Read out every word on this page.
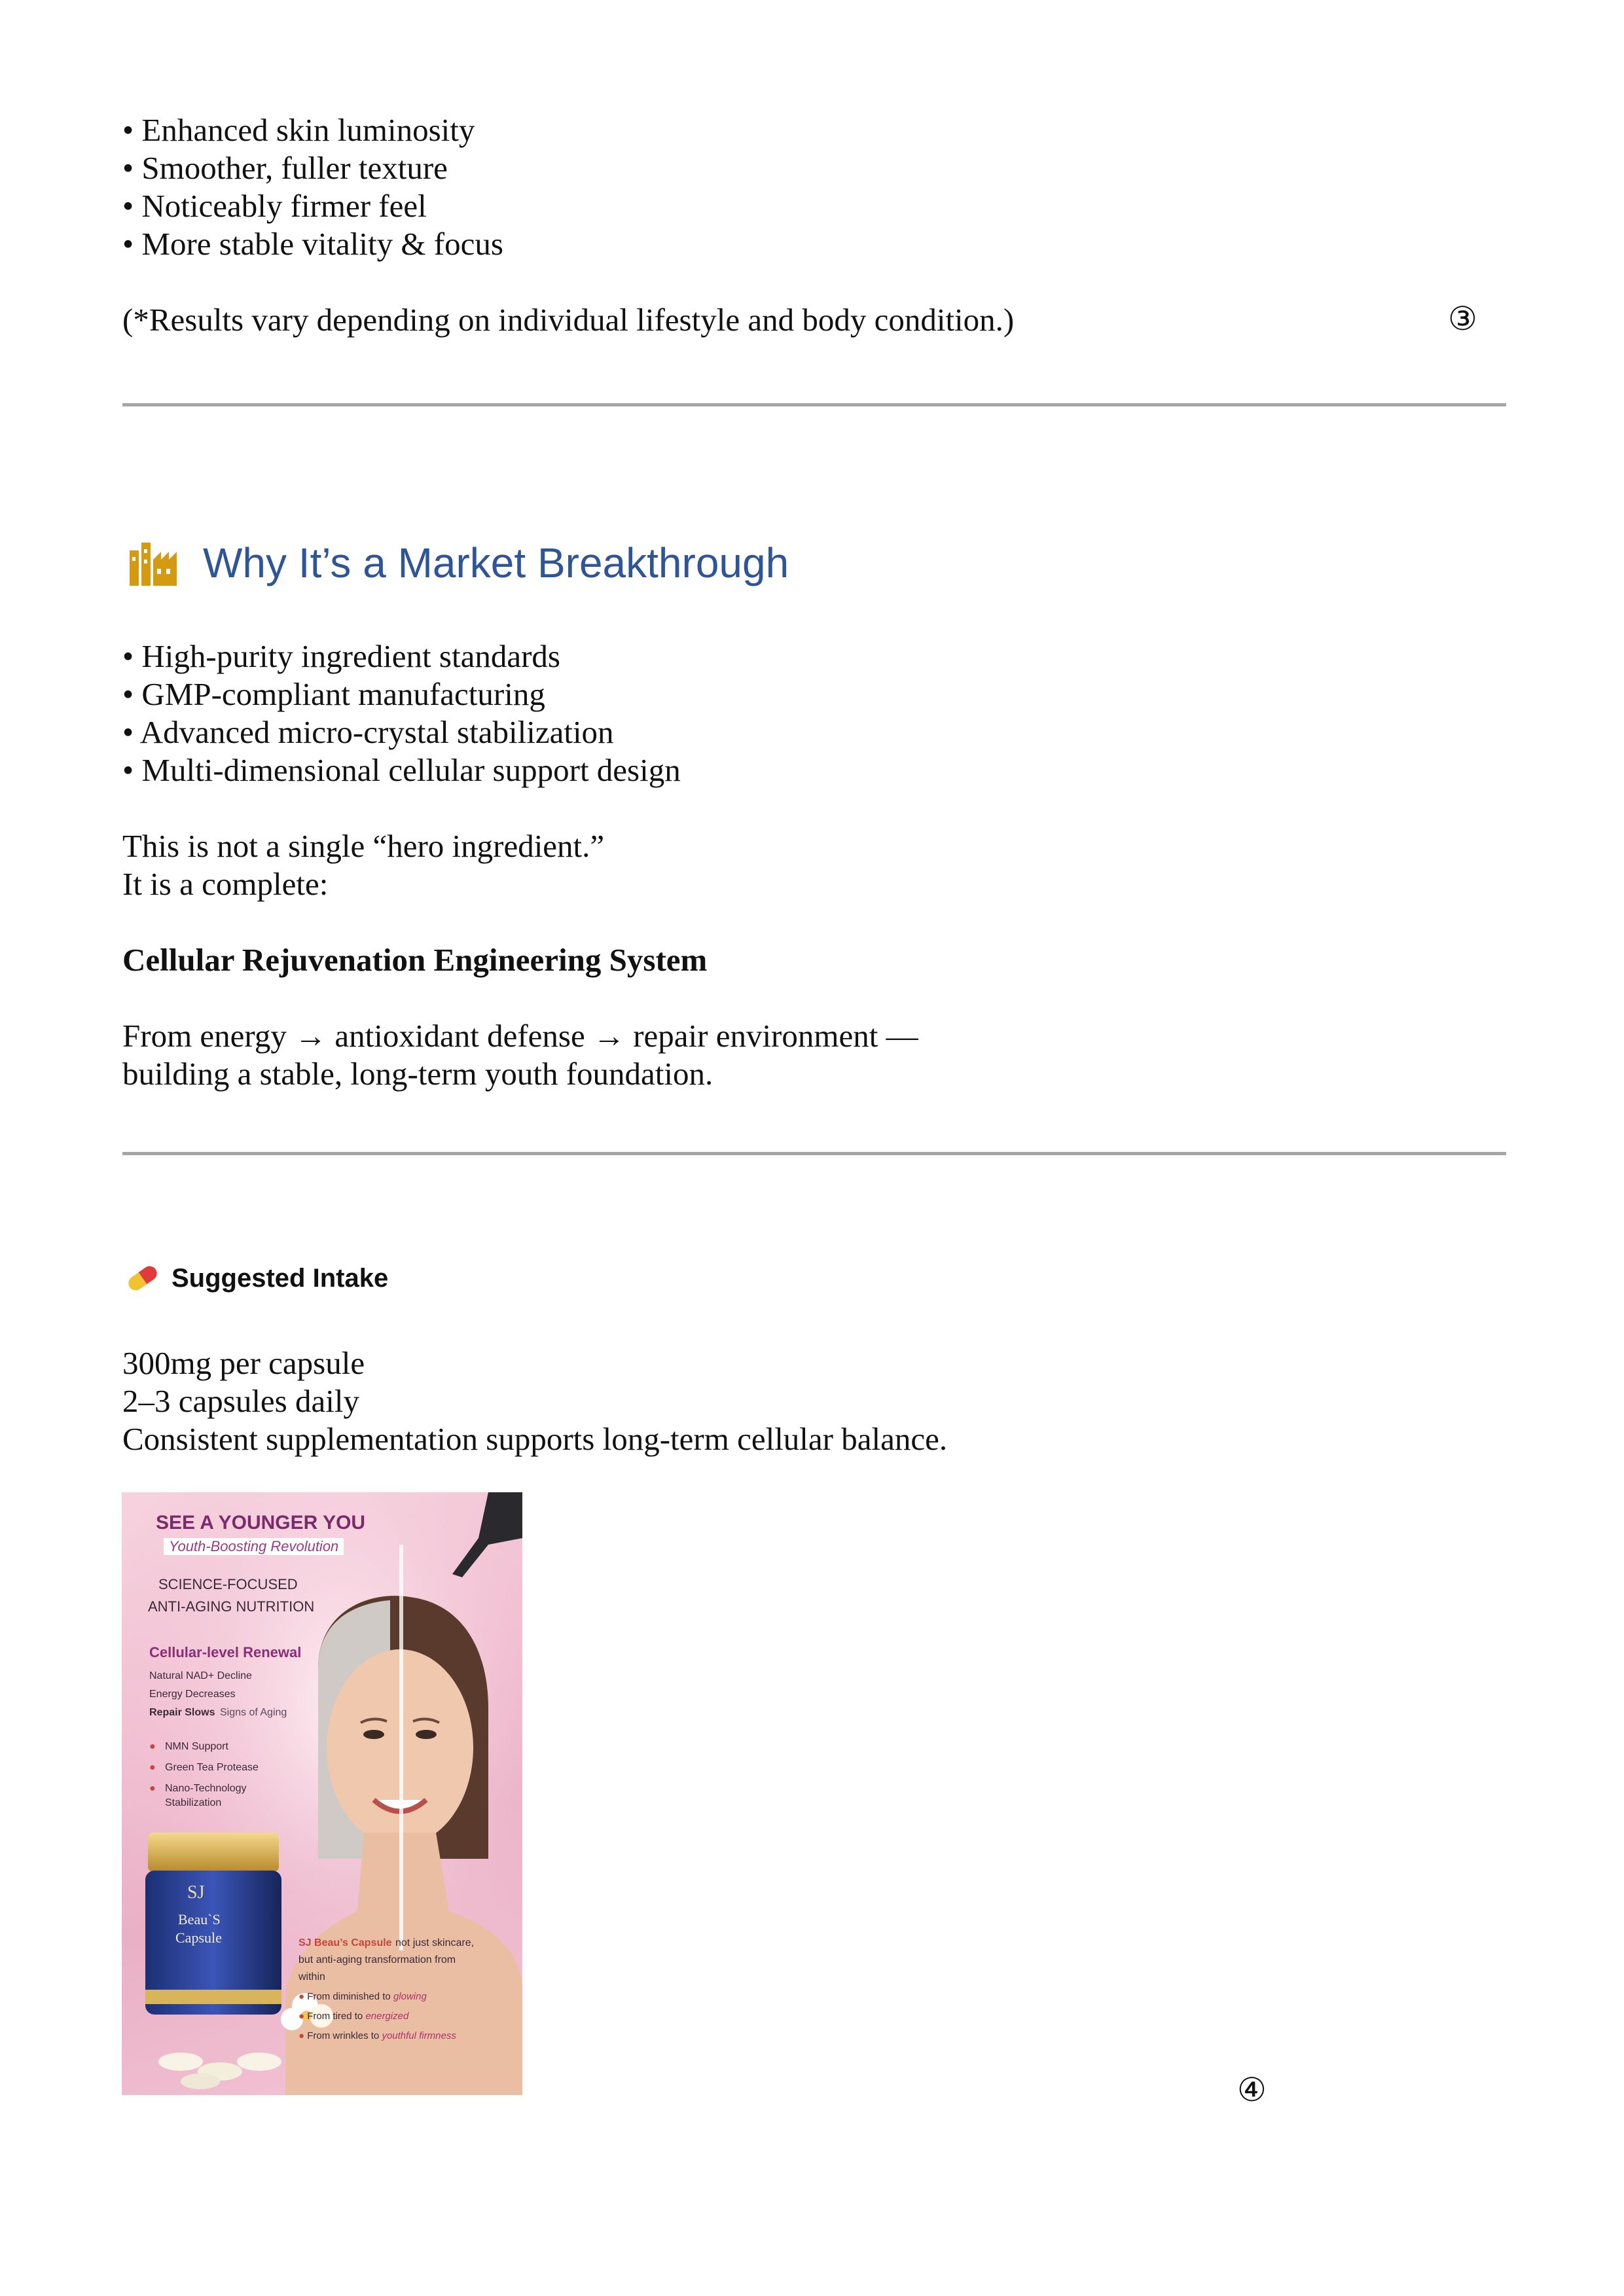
• Enhanced skin luminosity
• Smoother, fuller texture
• Noticeably firmer feel
• More stable vitality & focus
(*Results vary depending on individual lifestyle and body condition.)	③
Why It’s a Market Breakthrough
• High-purity ingredient standards
• GMP-compliant manufacturing
• Advanced micro-crystal stabilization
• Multi-dimensional cellular support design
This is not a single “hero ingredient.”
It is a complete:
Cellular Rejuvenation Engineering System
From energy → antioxidant defense → repair environment —
building a stable, long-term youth foundation.
Suggested Intake
300mg per capsule
2–3 capsules daily
Consistent supplementation supports long-term cellular balance.
SEE A YOUNGER YOU
Youth-Boosting Revolution
SCIENCE-FOCUSED
ANTI-AGING NUTRITION
Cellular-level Renewal
Natural NAD+ Decline
Energy Decreases
Repair Slows Signs of Aging
● NMN Support
● Green Tea Protease
● Nano-Technology
Stabilization
SJ
Beau`S
Capsule	SJ Beau’s Capsule not just skincare,
but anti-aging transformation from
within
● From diminished to glowing
● From tired to energized
● From wrinkles to youthful firmness
④
